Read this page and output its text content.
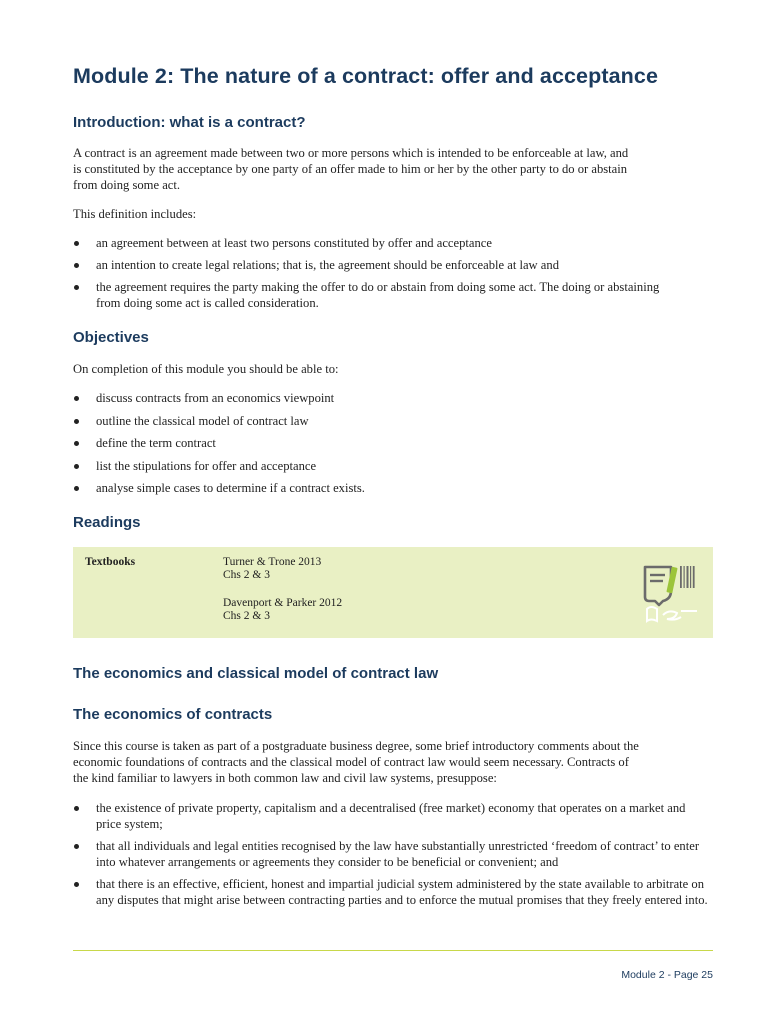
Module 2: The nature of a contract: offer and acceptance
Introduction: what is a contract?

A contract is an agreement made between two or more persons which is intended to be enforceable at law, and
is constituted by the acceptance by one party of an offer made to him or her by the other party to do or abstain
from doing some act.

This definition includes:

an agreement between at least two persons constituted by offer and acceptance
an intention to create legal relations; that is, the agreement should be enforceable at law and
the agreement requires the party making the offer to do or abstain from doing some act. The doing or abstaining from doing some act is called consideration.
Objectives

On completion of this module you should be able to:

discuss contracts from an economics viewpoint
outline the classical model of contract law
define the term contract
list the stipulations for offer and acceptance
analyse simple cases to determine if a contract exists.
Readings
Textbooks	Turner & Trone 2013
Chs 2 & 3
Davenport & Parker 2012
Chs 2 & 3
The economics and classical model of contract law
The economics of contracts

Since this course is taken as part of a postgraduate business degree, some brief introductory comments about the
economic foundations of contracts and the classical model of contract law would seem necessary. Contracts of
the kind familiar to lawyers in both common law and civil law systems, presuppose:

the existence of private property, capitalism and a decentralised (free market) economy that operates on a market and price system;
that all individuals and legal entities recognised by the law have substantially unrestricted ‘freedom of contract’ to enter into whatever arrangements or agreements they consider to be beneficial or convenient; and
that there is an effective, efficient, honest and impartial judicial system administered by the state available to arbitrate on any disputes that might arise between contracting parties and to enforce the mutual promises that they freely entered into.
Module 2 - Page 25
